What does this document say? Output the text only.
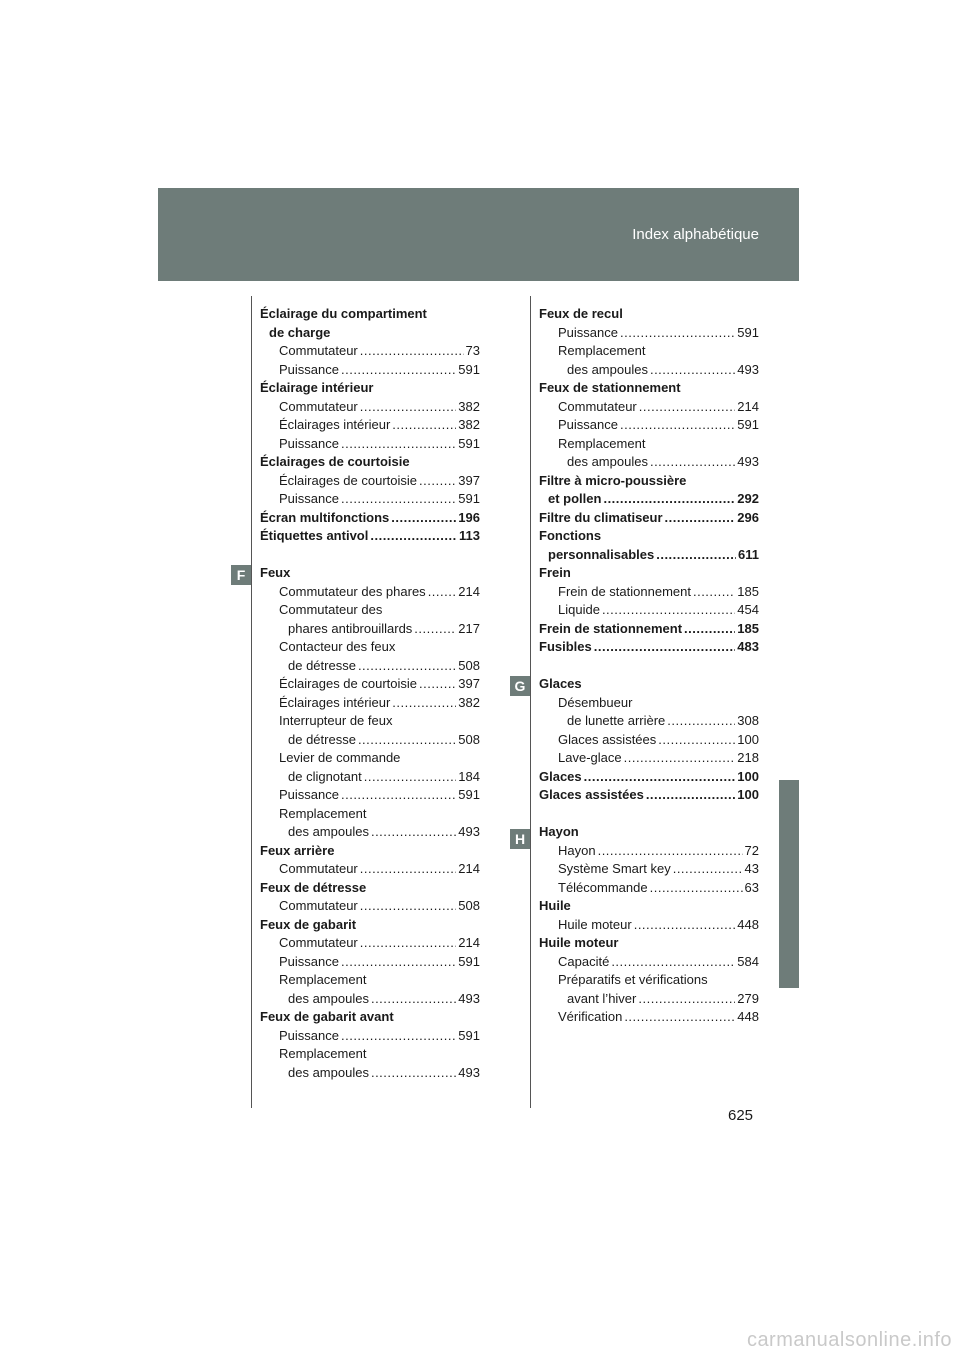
Index alphabétique
F
G
H
Éclairage du compartiment
de charge
Commutateur .....	73
Puissance .....	591
Éclairage intérieur
Commutateur .....	382
Éclairages intérieur .....	382
Puissance .....	591
Éclairages de courtoisie
Éclairages de courtoisie .....	397
Puissance .....	591
Écran multifonctions .....	196
Étiquettes antivol .....	113
Feux
Commutateur des phares .....	214
Commutateur des
phares antibrouillards .....	217
Contacteur des feux
de détresse .....	508
Éclairages de courtoisie .....	397
Éclairages intérieur .....	382
Interrupteur de feux
de détresse .....	508
Levier de commande
de clignotant .....	184
Puissance .....	591
Remplacement
des ampoules .....	493
Feux arrière
Commutateur .....	214
Feux de détresse
Commutateur .....	508
Feux de gabarit
Commutateur .....	214
Puissance .....	591
Remplacement
des ampoules .....	493
Feux de gabarit avant
Puissance .....	591
Remplacement
des ampoules .....	493
Feux de recul
Puissance .....	591
Remplacement
des ampoules .....	493
Feux de stationnement
Commutateur .....	214
Puissance .....	591
Remplacement
des ampoules .....	493
Filtre à micro-poussière
et pollen .....	292
Filtre du climatiseur .....	296
Fonctions
personnalisables .....	611
Frein
Frein de stationnement .....	185
Liquide .....	454
Frein de stationnement .....	185
Fusibles .....	483
Glaces
Désembueur
de lunette arrière .....	308
Glaces assistées .....	100
Lave-glace .....	218
Glaces .....	100
Glaces assistées .....	100
Hayon
Hayon .....	72
Système Smart key .....	43
Télécommande .....	63
Huile
Huile moteur .....	448
Huile moteur
Capacité .....	584
Préparatifs et vérifications
avant l’hiver .....	279
Vérification .....	448
625
carmanualsonline.info
